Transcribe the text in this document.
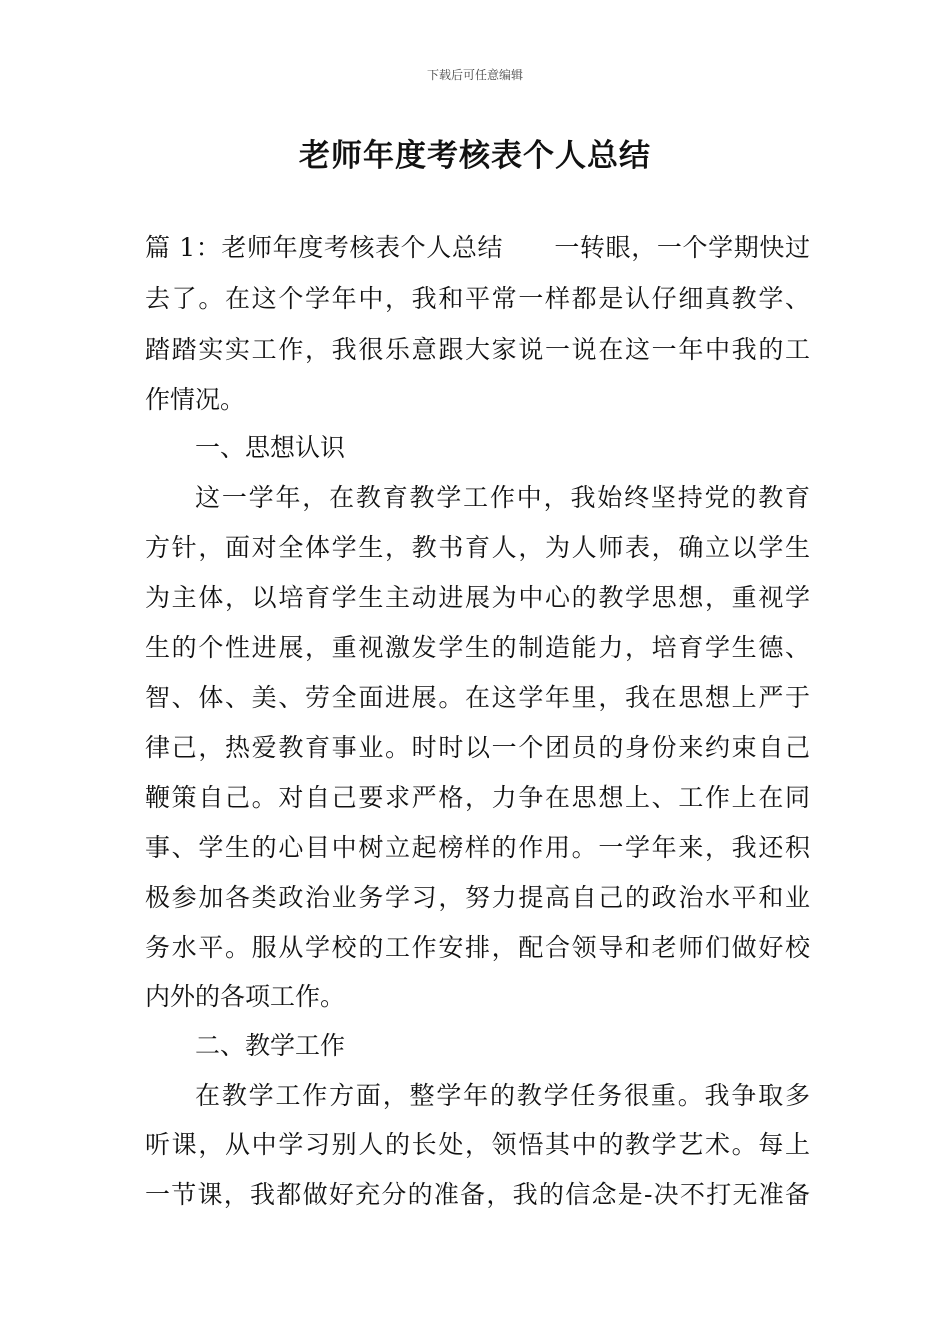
下载后可任意编辑
老师年度考核表个人总结
篇 1：老师年度考核表个人总结　　一转眼，一个学期快过
去了。在这个学年中，我和平常一样都是认仔细真教学、
踏踏实实工作，我很乐意跟大家说一说在这一年中我的工
作情况。
一、思想认识
这一学年，在教育教学工作中，我始终坚持党的教育
方针，面对全体学生，教书育人，为人师表，确立以学生
为主体，以培育学生主动进展为中心的教学思想，重视学
生的个性进展，重视激发学生的制造能力，培育学生德、
智、体、美、劳全面进展。在这学年里，我在思想上严于
律己，热爱教育事业。时时以一个团员的身份来约束自己
鞭策自己。对自己要求严格，力争在思想上、工作上在同
事、学生的心目中树立起榜样的作用。一学年来，我还积
极参加各类政治业务学习，努力提高自己的政治水平和业
务水平。服从学校的工作安排，配合领导和老师们做好校
内外的各项工作。
二、教学工作
在教学工作方面，整学年的教学任务很重。我争取多
听课，从中学习别人的长处，领悟其中的教学艺术。每上
一节课，我都做好充分的准备，我的信念是-决不打无准备
